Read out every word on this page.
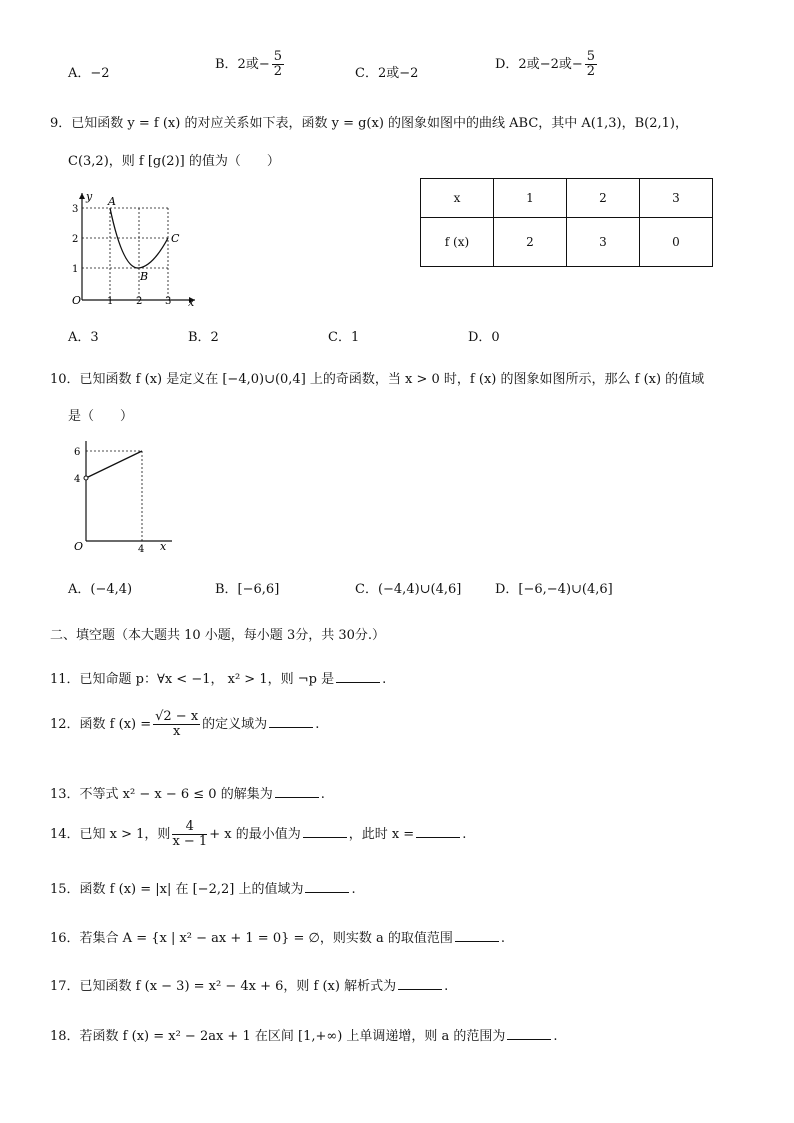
A．−2
B．2或− $\frac{5}{2}$	C．2或−2
D．2或−2或− $\frac{5}{2}$
9．已知函数 y = f (x) 的对应关系如下表，函数 y = g(x) 的图象如图中的曲线 ABC，其中 A(1,3)，B(2,1)，
C(3,2)，则 f [g(2)] 的值为（　　）
y
x
O
1
2
3
1 2 3
A
B
C
x	1	2	3
f (x)	2	3	0
A．3	B．2	C．1	D．0
10．已知函数 f (x) 是定义在 [−4,0)∪(0,4] 上的奇函数，当 x > 0 时，f (x) 的图象如图所示，那么 f (x) 的值域
是（　　）
6
4
O	4 x
A．(−4,4)	B．[−6,6]	C．(−4,4)∪(4,6]	D．[−6,−4)∪(4,6]
二、填空题（本大题共 10 小题，每小题 3分，共 30分.）
11．已知命题 p：∀x < −1， x² > 1，则 ¬p 是	.
12．函数 f $(x) = \frac{√2 - x}{x}$ 的定义域为	.
13．不等式 x² − x − 6 ≤ 0 的解集为	.
14．已知 x > 1，则 $\frac{4}{x - 1} + x$ 的最小值为	，此时 x =	.
15．函数 f (x) = |x| 在 [−2,2] 上的值域为	.
16．若集合 A = {x | x² − ax + 1 = 0} = ∅，则实数 a 的取值范围	.
17．已知函数 f (x − 3) = x² − 4x + 6，则 f (x) 解析式为	.
18．若函数 f (x) = x² − 2ax + 1 在区间 [1,+∞) 上单调递增，则 a 的范围为	.
